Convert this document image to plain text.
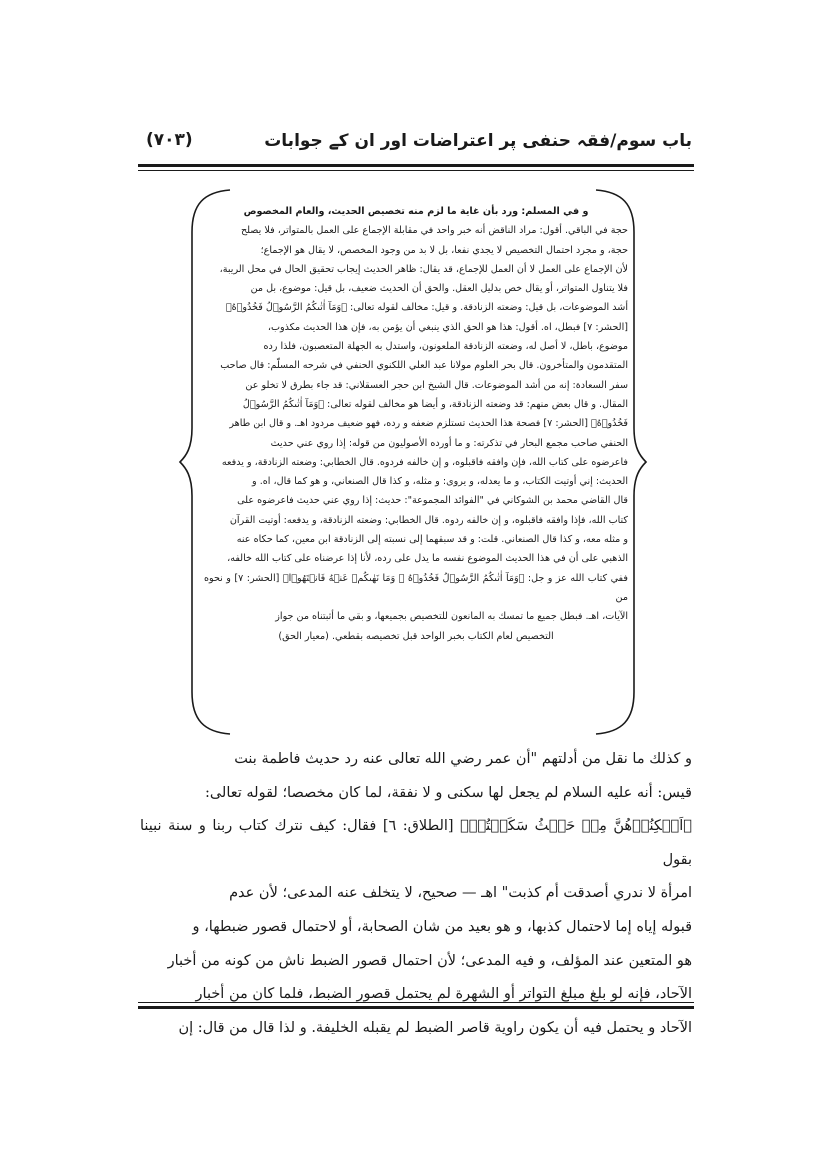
باب سوم/فقہ حنفی پر اعتراضات اور ان کے جوابات
(۷۰۳)

و في المسلم: ورد بأن غاية ما لزم منه تخصيص الحديث، والعام المخصوص

حجة في الباقي. أقول: مراد الناقض أنه خبر واحد في مقابلة الإجماع على العمل بالمتواتر، فلا يصلح

حجة، و مجرد احتمال التخصيص لا يجدي نفعا، بل لا بد من وجود المخصص، لا يقال هو الإجماع؛

لأن الإجماع على العمل لا أن العمل للإجماع، قد يقال: ظاهر الحديث إيجاب تحقيق الحال في محل الريبة،

فلا يتناول المتواتر، أو يقال خص بدليل العقل. والحق أن الحديث ضعيف، بل قيل: موضوع، بل من

أشد الموضوعات، بل قيل: وضعته الزنادقة. و قيل: مخالف لقوله تعالى: ﴿وَمَآ اٰتٰىكُمُ الرَّسُوۡلُ فَخُذُوۡهُ﴾

[الحشر: ٧] فبطل، اه. أقول: هذا هو الحق الذي ينبغي أن يؤمن به، فإن هذا الحديث مكذوب،

موضوع، باطل، لا أصل له، وضعته الزنادقة الملعونون، واستدل به الجهلة المتعصبون، فلذا رده

المتقدمون والمتأخرون. قال بحر العلوم مولانا عبد العلي اللكنوي الحنفي في شرحه المسلّم: قال صاحب

سفر السعادة: إنه من أشد الموضوعات. قال الشيخ ابن حجر العسقلاني: قد جاء بطرق لا تخلو عن

المقال. و قال بعض منهم: قد وضعته الزنادقة، و أيضا هو مخالف لقوله تعالى: ﴿وَمَآ اٰتٰىكُمُ الرَّسُوۡلُ

فَخُذُوۡهُ﴾ [الحشر: ٧] فصحة هذا الحديث تستلزم ضعفه و رده، فهو ضعيف مردود اهـ. و قال ابن طاهر

الحنفي صاحب مجمع البحار في تذكرته: و ما أورده الأصوليون من قوله: إذا روي عني حديث

فاعرضوه على كتاب الله، فإن وافقه فاقبلوه، و إن خالفه فردوه. قال الخطابي: وضعته الزنادقة، و يدفعه

الحديث: إني أوتيت الكتاب، و ما يعدله، و يروى: و مثله، و كذا قال الصنعاني، و هو كما قال، اه. و

قال القاضي محمد بن الشوكاني في "الفوائد المجموعة": حديث: إذا روي عني حديث فاعرضوه على

كتاب الله، فإذا وافقه فاقبلوه، و إن خالفه ردوه. قال الخطابي: وضعته الزنادقة، و يدفعه: أوتيت القرآن

و مثله معه، و كذا قال الصنعاني. قلت: و قد سبقهما إلى نسبته إلى الزنادقة ابن معين، كما حكاه عنه

الذهبي على أن في هذا الحديث الموضوع نفسه ما يدل على رده، لأنا إذا عرضناه على كتاب الله خالفه،

ففي كتاب الله عز و جل: ﴿وَمَآ اٰتٰىكُمُ الرَّسُوۡلُ فَخُذُوۡهُ ۚ وَمَا نَهٰىكُمۡ عَنۡهُ فَانۡتَهُوۡا﴾ [الحشر: ٧] و نحوه من

الآيات، اهـ. فبطل جميع ما تمسك به المانعون للتخصيص بجميعها، و بقي ما أثبتناه من جواز

التخصيص لعام الكتاب بخبر الواحد قبل تخصيصه بقطعي. (معيار الحق)

و كذلك ما نقل من أدلتهم "أن عمر رضي الله تعالى عنه رد حديث فاطمة بنت

قيس: أنه عليه السلام لم يجعل لها سكنى و لا نفقة، لما كان مخصصا؛ لقوله تعالى:

﴿اَسۡكِنُوۡهُنَّ مِنۡ حَيۡثُ سَكَنۡتُمۡ﴾ [الطلاق: ٦] فقال: كيف نترك كتاب ربنا و سنة نبينا بقول

امرأة لا ندري أصدقت أم كذبت" اهـ — صحيح، لا يتخلف عنه المدعى؛ لأن عدم

قبوله إياه إما لاحتمال كذبها، و هو بعيد من شان الصحابة، أو لاحتمال قصور ضبطها، و

هو المتعين عند المؤلف، و فيه المدعى؛ لأن احتمال قصور الضبط ناش من كونه من أخبار

الآحاد، فإنه لو بلغ مبلغ التواتر أو الشهرة لم يحتمل قصور الضبط، فلما كان من أخبار

الآحاد و يحتمل فيه أن يكون راوية قاصر الضبط لم يقبله الخليفة. و لذا قال من قال: إن
